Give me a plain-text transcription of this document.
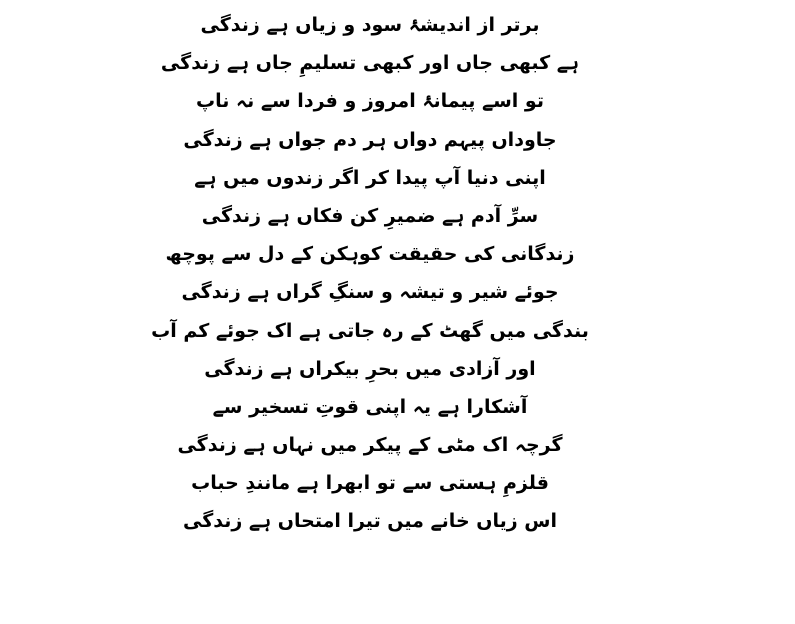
برتر از اندیشۂ سود و زیاں ہے زندگی
ہے کبھی جاں اور کبھی تسلیمِ جاں ہے زندگی
تو اسے پیمانۂ امروز و فردا سے نہ ناپ
جاوداں پیہم دواں ہر دم جواں ہے زندگی
اپنی دنیا آپ پیدا کر اگر زندوں میں ہے
سرِّ آدم ہے ضمیرِ کن فکاں ہے زندگی
زندگانی کی حقیقت کوہکن کے دل سے پوچھ
جوئے شیر و تیشہ و سنگِ گراں ہے زندگی
بندگی میں گھٹ کے رہ جاتی ہے اک جوئے کم آب
اور آزادی میں بحرِ بیکراں ہے زندگی
آشکارا ہے یہ اپنی قوتِ تسخیر سے
گرچہ اک مٹی کے پیکر میں نہاں ہے زندگی
قلزمِ ہستی سے تو ابھرا ہے مانندِ حباب
اس زیاں خانے میں تیرا امتحاں ہے زندگی
